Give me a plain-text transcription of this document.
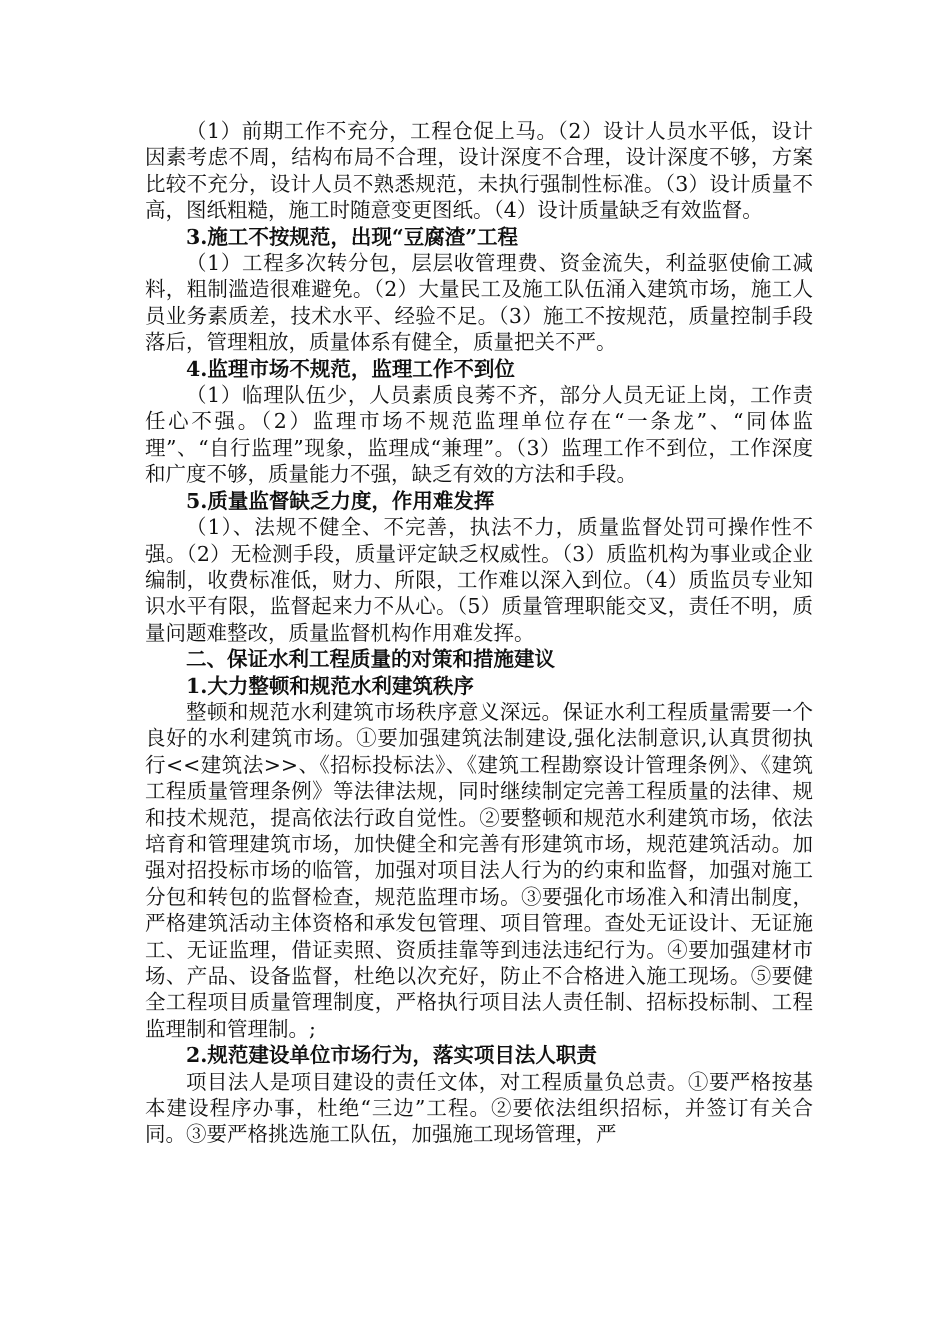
（1）前期工作不充分，工程仓促上马。（2）设计人员水平低，设计因素考虑不周，结构布局不合理，设计深度不合理，设计深度不够，方案比较不充分，设计人员不熟悉规范，未执行强制性标准。（3）设计质量不高，图纸粗糙，施工时随意变更图纸。（4）设计质量缺乏有效监督。

3.施工不按规范，出现“豆腐渣”工程

（1）工程多次转分包，层层收管理费、资金流失，利益驱使偷工减料，粗制滥造很难避免。（2）大量民工及施工队伍涌入建筑市场，施工人员业务素质差，技术水平、经验不足。（3）施工不按规范，质量控制手段落后，管理粗放，质量体系有健全，质量把关不严。

4.监理市场不规范，监理工作不到位

（1）临理队伍少，人员素质良莠不齐，部分人员无证上岗，工作责任心不强。（2）监理市场不规范监理单位存在“一条龙”、“同体监理”、“自行监理”现象，监理成“兼理”。（3）监理工作不到位，工作深度和广度不够，质量能力不强，缺乏有效的方法和手段。

5.质量监督缺乏力度，作用难发挥

（1）、法规不健全、不完善，执法不力，质量监督处罚可操作性不强。（2）无检测手段，质量评定缺乏权威性。（3）质监机构为事业或企业编制，收费标准低，财力、所限，工作难以深入到位。（4）质监员专业知识水平有限，监督起来力不从心。（5）质量管理职能交叉，责任不明，质量问题难整改，质量监督机构作用难发挥。

二、保证水利工程质量的对策和措施建议
1.大力整顿和规范水利建筑秩序

整顿和规范水利建筑市场秩序意义深远。保证水利工程质量需要一个良好的水利建筑市场。①要加强建筑法制建设,强化法制意识,认真贯彻执行<<建筑法>>、《招标投标法》、《建筑工程勘察设计管理条例》、《建筑工程质量管理条例》等法律法规，同时继续制定完善工程质量的法律、规和技术规范，提高依法行政自觉性。②要整顿和规范水利建筑市场，依法培育和管理建筑市场，加快健全和完善有形建筑市场，规范建筑活动。加强对招投标市场的临管，加强对项目法人行为的约束和监督，加强对施工分包和转包的监督检查，规范监理市场。③要强化市场准入和清出制度，严格建筑活动主体资格和承发包管理、项目管理。查处无证设计、无证施工、无证监理，借证卖照、资质挂靠等到违法违纪行为。④要加强建材市场、产品、设备监督，杜绝以次充好，防止不合格进入施工现场。⑤要健全工程项目质量管理制度，严格执行项目法人责任制、招标投标制、工程监理制和管理制。;

2.规范建设单位市场行为，落实项目法人职责

项目法人是项目建设的责任文体，对工程质量负总责。①要严格按基本建设程序办事，杜绝“三边”工程。②要依法组织招标，并签订有关合同。③要严格挑选施工队伍，加强施工现场管理，严
